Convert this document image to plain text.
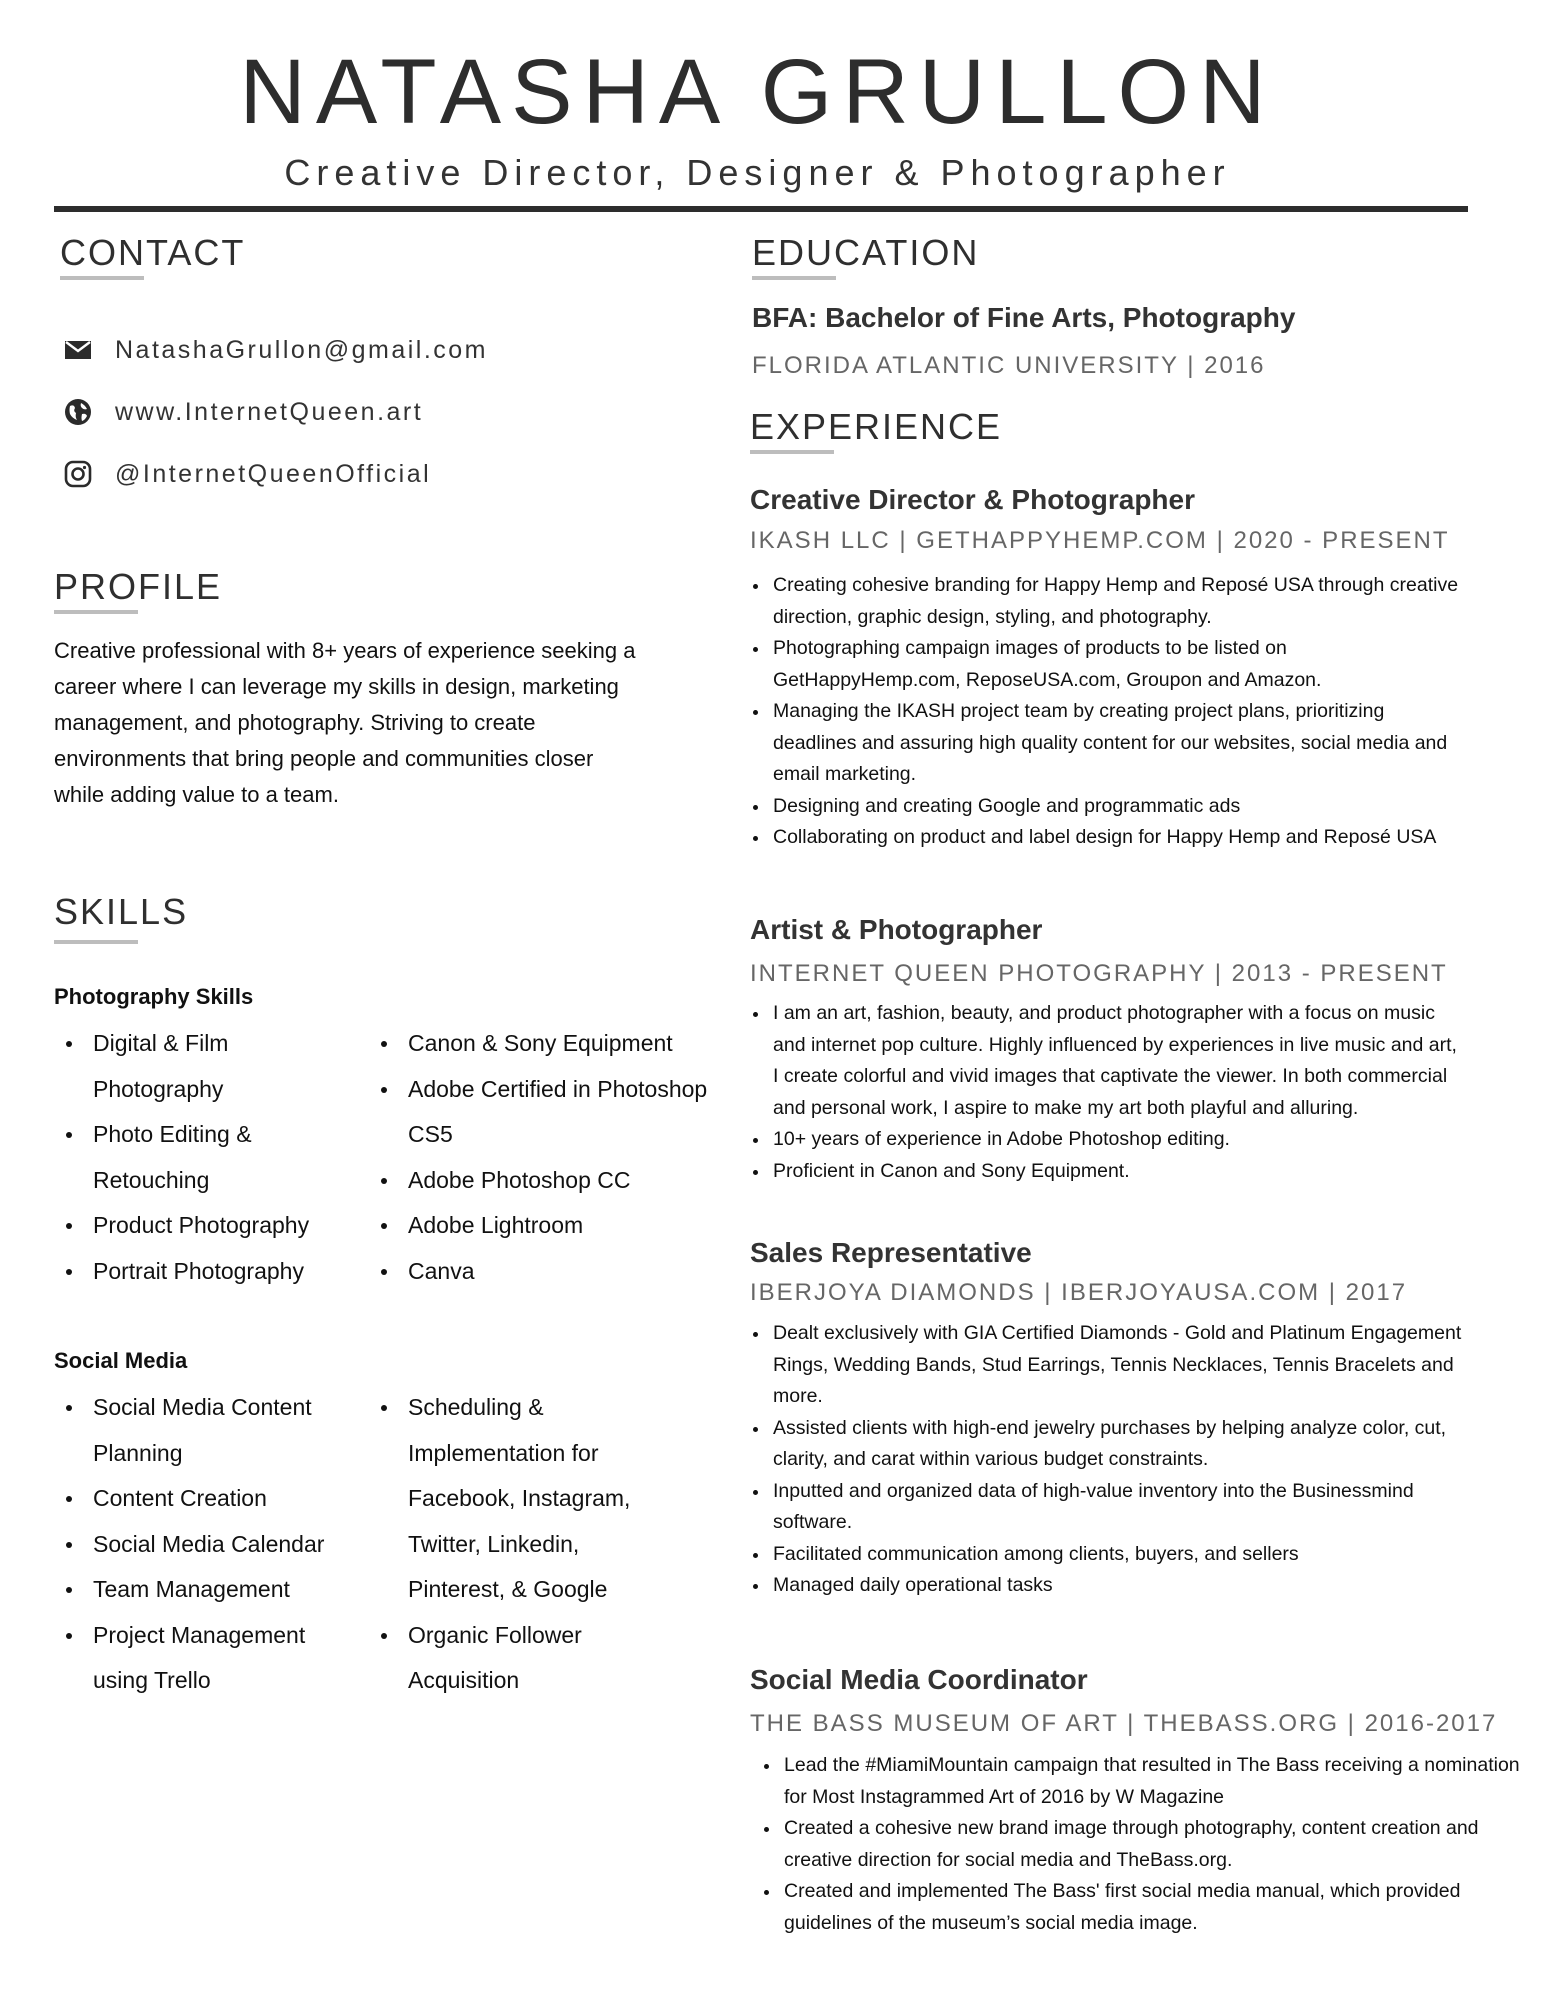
NATASHA GRULLON
Creative Director, Designer & Photographer
CONTACT
NatashaGrullon@gmail.com
www.InternetQueen.art
@InternetQueenOfficial
PROFILE
Creative professional with 8+ years of experience seeking a career where I can leverage my skills in design, marketing management, and photography. Striving to create environments that bring people and communities closer while adding value to a team.
SKILLS
Photography Skills
Digital & Film Photography
Photo Editing & Retouching
Product Photography
Portrait Photography
Canon & Sony Equipment
Adobe Certified in Photoshop CS5
Adobe Photoshop CC
Adobe Lightroom
Canva
Social Media
Social Media Content Planning
Content Creation
Social Media Calendar
Team Management
Project Management using Trello
Scheduling & Implementation for Facebook, Instagram, Twitter, Linkedin, Pinterest, & Google
Organic Follower Acquisition
EDUCATION
BFA: Bachelor of Fine Arts, Photography
FLORIDA ATLANTIC UNIVERSITY | 2016
EXPERIENCE
Creative Director & Photographer
IKASH LLC | GETHAPPYHEMP.COM | 2020 - PRESENT
Creating cohesive branding for Happy Hemp and Reposé USA through creative direction, graphic design, styling, and photography.
Photographing campaign images of products to be listed on GetHappyHemp.com, ReposeUSA.com, Groupon and Amazon.
Managing the IKASH project team by creating project plans, prioritizing deadlines and assuring high quality content for our websites, social media and email marketing.
Designing and creating Google and programmatic ads
Collaborating on product and label design for Happy Hemp and Reposé USA
Artist & Photographer
INTERNET QUEEN PHOTOGRAPHY | 2013 - PRESENT
I am an art, fashion, beauty, and product photographer with a focus on music and internet pop culture. Highly influenced by experiences in live music and art, I create colorful and vivid images that captivate the viewer. In both commercial and personal work, I aspire to make my art both playful and alluring.
10+ years of experience in Adobe Photoshop editing.
Proficient in Canon and Sony Equipment.
Sales Representative
IBERJOYA DIAMONDS | IBERJOYAUSA.COM | 2017
Dealt exclusively with GIA Certified Diamonds - Gold and Platinum Engagement Rings, Wedding Bands, Stud Earrings, Tennis Necklaces, Tennis Bracelets and more.
Assisted clients with high-end jewelry purchases by helping analyze color, cut, clarity, and carat within various budget constraints.
Inputted and organized data of high-value inventory into the Businessmind software.
Facilitated communication among clients, buyers, and sellers
Managed daily operational tasks
Social Media Coordinator
THE BASS MUSEUM OF ART | THEBASS.ORG | 2016-2017
Lead the #MiamiMountain campaign that resulted in The Bass receiving a nomination for Most Instagrammed Art of 2016 by W Magazine
Created a cohesive new brand image through photography, content creation and creative direction for social media and TheBass.org.
Created and implemented The Bass' first social media manual, which provided guidelines of the museum’s social media image.
